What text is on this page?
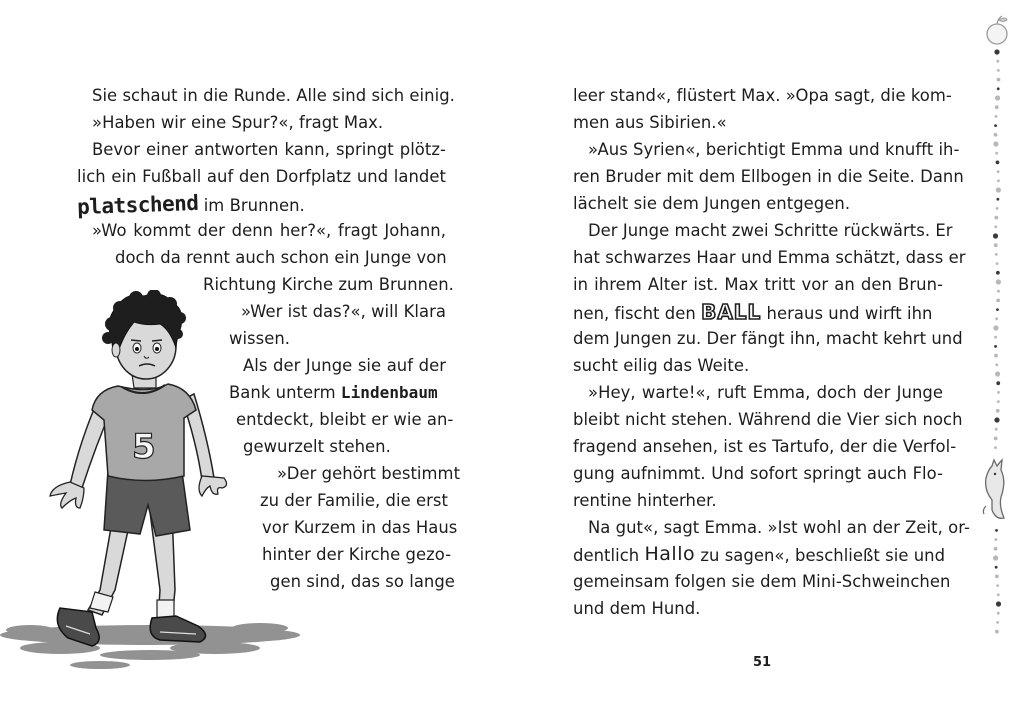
Sie schaut in die Runde. Alle sind sich einig.
»Haben wir eine Spur?«, fragt Max.
Bevor einer antworten kann, springt plötz-
lich ein Fußball auf den Dorfplatz und landet
platschend im Brunnen.
»Wo kommt der denn her?«, fragt Johann,
doch da rennt auch schon ein Junge von
Richtung Kirche zum Brunnen.
»Wer ist das?«, will Klara
wissen.
Als der Junge sie auf der
Bank unterm Lindenbaum
entdeckt, bleibt er wie an-
gewurzelt stehen.
»Der gehört bestimmt
zu der Familie, die erst
vor Kurzem in das Haus
hinter der Kirche gezo-
gen sind, das so lange
5
leer stand«, flüstert Max. »Opa sagt, die kom-
men aus Sibirien.«
»Aus Syrien«, berichtigt Emma und knufft ih-
ren Bruder mit dem Ellbogen in die Seite. Dann
lächelt sie dem Jungen entgegen.
Der Junge macht zwei Schritte rückwärts. Er
hat schwarzes Haar und Emma schätzt, dass er
in ihrem Alter ist. Max tritt vor an den Brun-
nen, fischt den BALL heraus und wirft ihn
dem Jungen zu. Der fängt ihn, macht kehrt und
sucht eilig das Weite.
»Hey, warte!«, ruft Emma, doch der Junge
bleibt nicht stehen. Während die Vier sich noch
fragend ansehen, ist es Tartufo, der die Verfol-
gung aufnimmt. Und sofort springt auch Flo-
rentine hinterher.
Na gut«, sagt Emma. »Ist wohl an der Zeit, or-
dentlich Hallo zu sagen«, beschließt sie und
gemeinsam folgen sie dem Mini-Schweinchen
und dem Hund.
51
